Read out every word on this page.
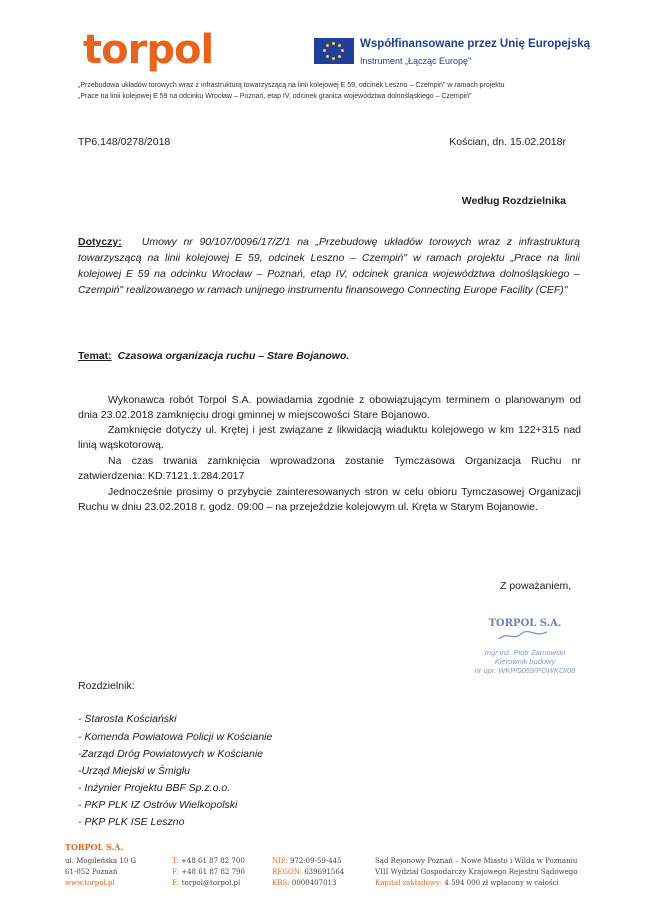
torpol	Współfinansowane przez Unię Europejską
Instrument „Łącząc Europę"
„Przebudowa układów torowych wraz z infrastrukturą towarzyszącą na linii kolejowej E 59, odcinek Leszno – Czempiń" w ramach projektu
„Prace na linii kolejowej E 59 na odcinku Wrocław – Poznań, etap IV, odcinek granica województwa dolnośląskiego – Czempiń"
TP6.148/0278/2018	Kościan, dn. 15.02.2018r
Według Rozdzielnika
Dotyczy: Umowy nr 90/107/0096/17/Z/1 na „Przebudowę układów torowych wraz z infrastrukturą towarzyszącą na linii kolejowej E 59, odcinek Leszno – Czempiń" w ramach projektu „Prace na linii kolejowej E 59 na odcinku Wrocław – Poznań, etap IV, odcinek granica województwa dolnośląskiego – Czempiń" realizowanego w ramach unijnego instrumentu finansowego Connecting Europe Facility (CEF)"
Temat: Czasowa organizacja ruchu – Stare Bojanowo.
Wykonawca robót Torpol S.A. powiadamia zgodnie z obowiązującym terminem o planowanym od dnia 23.02.2018 zamknięciu drogi gminnej w miejscowości Stare Bojanowo.
Zamknięcie dotyczy ul. Krętej i jest związane z likwidacją wiaduktu kolejowego w km 122+315 nad linią wąskotorową.
Na czas trwania zamknięcia wprowadzona zostanie Tymczasowa Organizacja Ruchu nr zatwierdzenia: KD.7121.1.284.2017
Jednocześnie prosimy o przybycie zainteresowanych stron w celu obioru Tymczasowej Organizacji Ruchu w dniu 23.02.2018 r. godz. 09:00 – na przejeździe kolejowym ul. Kręta w Starym Bojanowie.
Z poważaniem,
TORPOL S.A.
mgr inż. Piotr Żarnowski
Kierownik budowy
nr upr. WKP/0059/POWKO/08
Rozdzielnik:
- Starosta Kościański
- Komenda Powiatowa Policji w Kościanie
-Zarząd Dróg Powiatowych w Kościanie
-Urząd Miejski w Śmiglu
- Inżynier Projektu BBF Sp.z.o.o.
- PKP PLK IZ Ostrów Wielkopolski
- PKP PLK ISE Leszno
TORPOL S.A.
ul. Mogileńska 10 G
61-052 Poznań
www.torpol.pl
T: +48 61 87 82 700
F: +48 61 87 82 790
E: torpol@torpol.pl
NIP: 972-09-59-445
REGON: 639691564
KRS: 0000407013
Sąd Rejonowy Poznań – Nowe Miasto i Wilda w Poznaniu
VIII Wydział Gospodarczy Krajowego Rejestru Sądowego
Kapitał zakładowy: 4 594 000 zł wpłacony w całości
